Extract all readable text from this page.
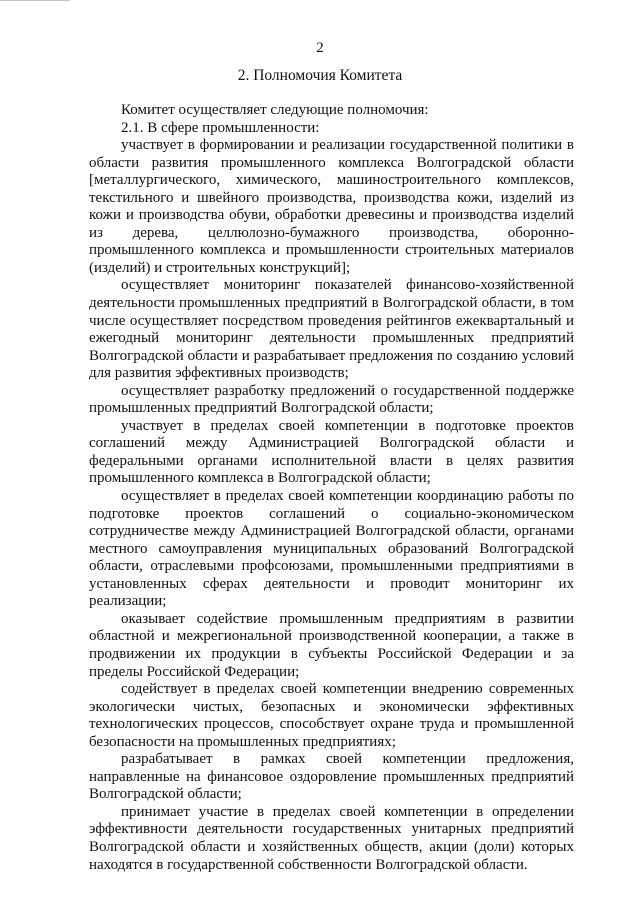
2
2. Полномочия Комитета

Комитет осуществляет следующие полномочия:

2.1. В сфере промышленности:

участвует в формировании и реализации государственной политики в области развития промышленного комплекса Волгоградской области [металлургического, химического, машиностроительного комплексов, текстильного и швейного производства, производства кожи, изделий из кожи и производства обуви, обработки древесины и производства изделий из дерева, целлюлозно-бумажного производства, оборонно-промышленного комплекса и промышленности строительных материалов (изделий) и строительных конструкций];

осуществляет мониторинг показателей финансово-хозяйственной деятельности промышленных предприятий в Волгоградской области, в том числе осуществляет посредством проведения рейтингов ежеквартальный и ежегодный мониторинг деятельности промышленных предприятий Волгоградской области и разрабатывает предложения по созданию условий для развития эффективных производств;

осуществляет разработку предложений о государственной поддержке промышленных предприятий Волгоградской области;

участвует в пределах своей компетенции в подготовке проектов соглашений между Администрацией Волгоградской области и федеральными органами исполнительной власти в целях развития промышленного комплекса в Волгоградской области;

осуществляет в пределах своей компетенции координацию работы по подготовке проектов соглашений о социально-экономическом сотрудничестве между Администрацией Волгоградской области, органами местного самоуправления муниципальных образований Волгоградской области, отраслевыми профсоюзами, промышленными предприятиями в установленных сферах деятельности и проводит мониторинг их реализации;

оказывает содействие промышленным предприятиям в развитии областной и межрегиональной производственной кооперации, а также в продвижении их продукции в субъекты Российской Федерации и за пределы Российской Федерации;

содействует в пределах своей компетенции внедрению современных экологически чистых, безопасных и экономически эффективных технологических процессов, способствует охране труда и промышленной безопасности на промышленных предприятиях;

разрабатывает в рамках своей компетенции предложения, направленные на финансовое оздоровление промышленных предприятий Волгоградской области;

принимает участие в пределах своей компетенции в определении эффективности деятельности государственных унитарных предприятий Волгоградской области и хозяйственных обществ, акции (доли) которых находятся в государственной собственности Волгоградской области.
